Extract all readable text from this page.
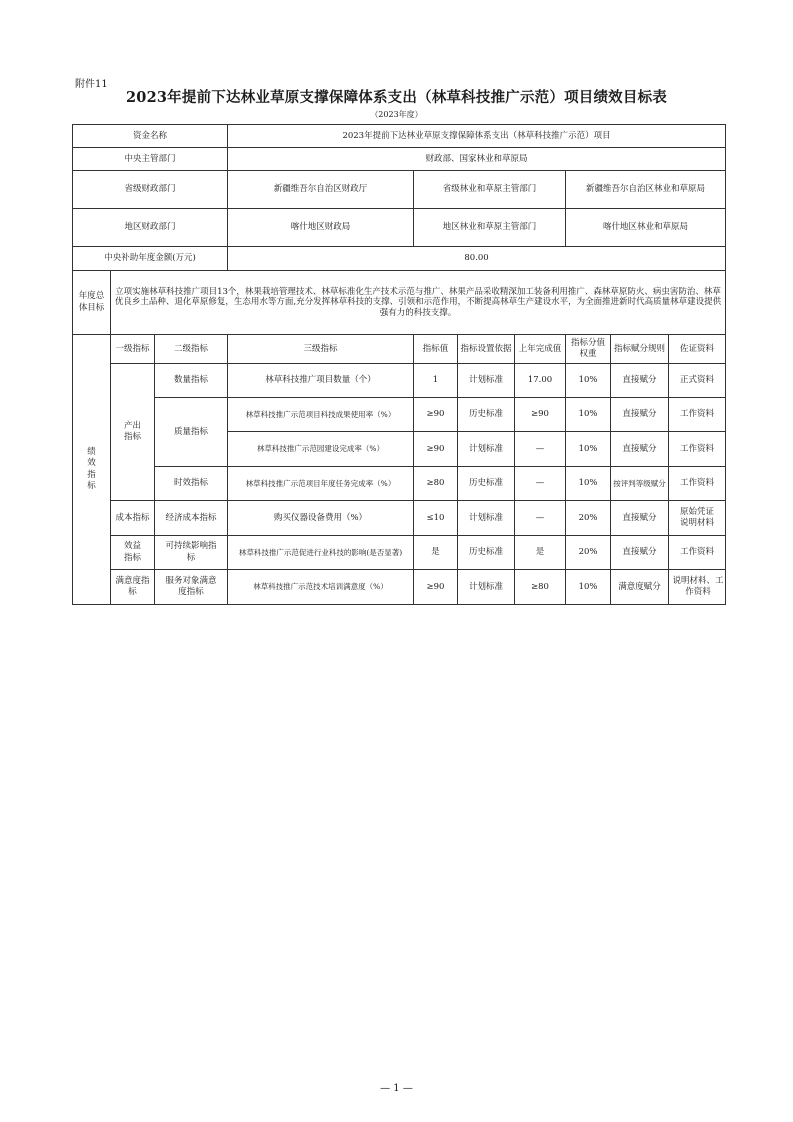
附件11
2023年提前下达林业草原支撑保障体系支出（林草科技推广示范）项目绩效目标表
（2023年度）
资金名称			2023年提前下达林业草原支撑保障体系支出（林草科技推广示范）项目						
中央主管部门			财政部、国家林业和草原局						
省级财政部门			新疆维吾尔自治区财政厅	省级林业和草原主管部门			新疆维吾尔自治区林业和草原局		
地区财政部门			喀什地区财政局	地区林业和草原主管部门			喀什地区林业和草原局		
中央补助年度金额(万元)			80.00						
年度总体目标	立项实施林草科技推广项目13个，林果栽培管理技术、林草标准化生产技术示范与推广、林果产品采收精深加工装备利用推广、森林草原防火、病虫害防治、林草优良乡土品种、退化草原修复，生态用水等方面,充分发挥林草科技的支撑、引领和示范作用，不断提高林草生产建设水平，为全面推进新时代高质量林草建设提供强有力的科技支撑。								
绩效指标	一级指标	二级指标	三级指标	指标值	指标设置依据	上年完成值	指标分值权重	指标赋分规则	佐证资料
	产出指标	数量指标	林草科技推广项目数量（个）	1	计划标准	17.00	10%	直接赋分	正式资料
		质量指标	林草科技推广示范项目科技成果使用率（%）	≥90	历史标准	≥90	10%	直接赋分	工作资料
			林草科技推广示范园建设完成率（%）	≥90	计划标准	—	10%	直接赋分	工作资料
		时效指标	林草科技推广示范项目年度任务完成率（%）	≥80	历史标准	—	10%	按评判等级赋分	工作资料
	成本指标	经济成本指标	购买仪器设备费用（%）	≤10	计划标准	—	20%	直接赋分	原始凭证说明材料
	效益指标	可持续影响指标	林草科技推广示范促进行业科技的影响(是否显著)	是	历史标准	是	20%	直接赋分	工作资料
	满意度指标	服务对象满意度指标	林草科技推广示范技术培训满意度（%）	≥90	计划标准	≥80	10%	满意度赋分	说明材料、工作资料
— 1 —
